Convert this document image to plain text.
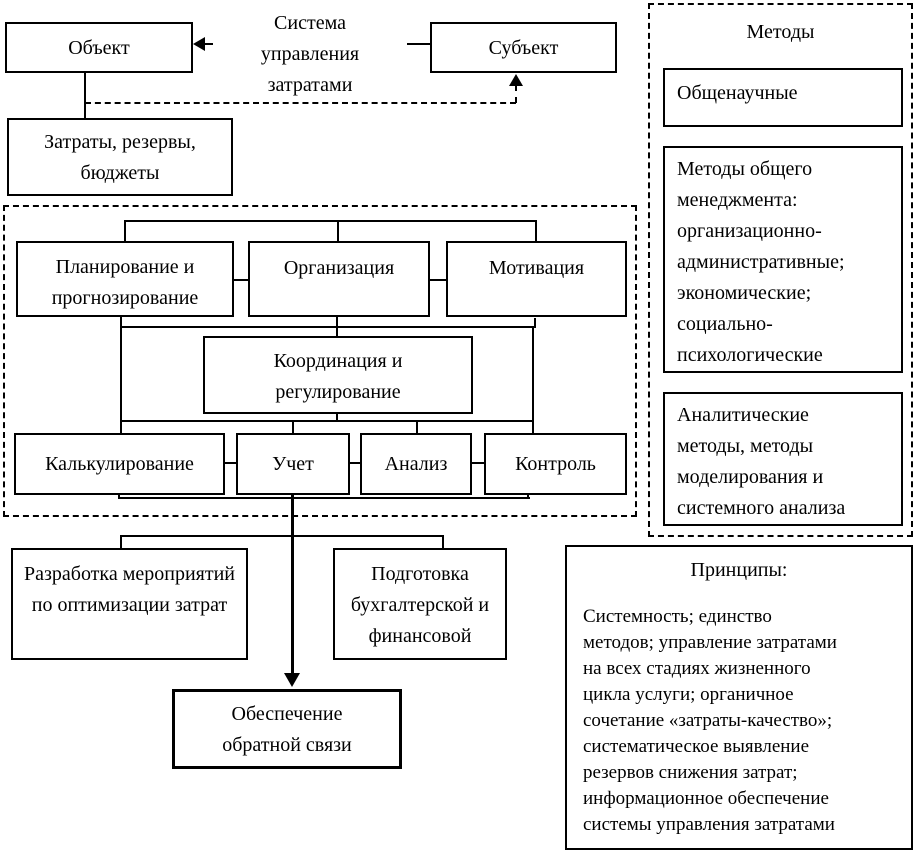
Объект	Субъект
Система
управления
затратами
Затраты, резервы, бюджеты
Планирование и прогнозирование
Организация	Мотивация
Координация и регулирование
Калькулирование	Учет	Анализ	Контроль
Разработка мероприятий по оптимизации затрат
Подготовка бухгалтерской и финансовой
Обеспечение обратной связи
Методы
Общенаучные
Методы общего
менеджмента:
организационно-
административные;
экономические;
социально-
психологические
Аналитические
методы, методы
моделирования и
системного анализа
Принципы:
Системность; единство
методов; управление затратами
на всех стадиях жизненного
цикла услуги; органичное
сочетание «затраты-качество»;
систематическое выявление
резервов снижения затрат;
информационное обеспечение
системы управления затратами
